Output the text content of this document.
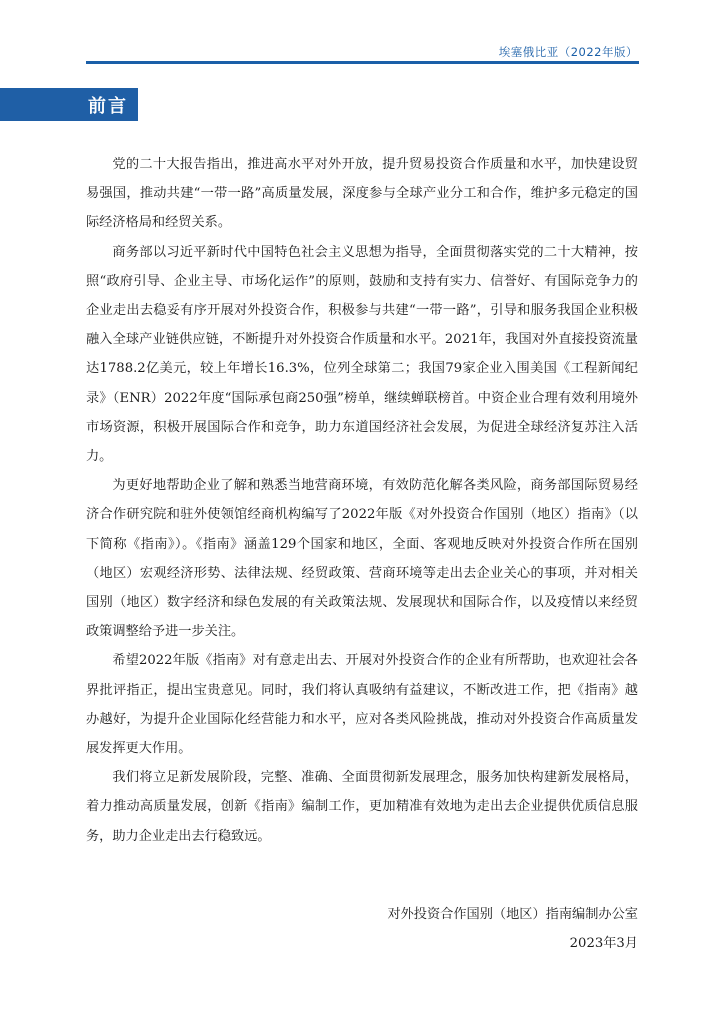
埃塞俄比亚（2022年版）
前言

党的二十大报告指出，推进高水平对外开放，提升贸易投资合作质量和水平，加快建设贸易强国，推动共建“一带一路”高质量发展，深度参与全球产业分工和合作，维护多元稳定的国际经济格局和经贸关系。

商务部以习近平新时代中国特色社会主义思想为指导，全面贯彻落实党的二十大精神，按照“政府引导、企业主导、市场化运作”的原则，鼓励和支持有实力、信誉好、有国际竞争力的企业走出去稳妥有序开展对外投资合作，积极参与共建“一带一路”，引导和服务我国企业积极融入全球产业链供应链，不断提升对外投资合作质量和水平。2021年，我国对外直接投资流量达1788.2亿美元，较上年增长16.3%，位列全球第二；我国79家企业入围美国《工程新闻纪录》（ENR）2022年度“国际承包商250强”榜单，继续蝉联榜首。中资企业合理有效利用境外市场资源，积极开展国际合作和竞争，助力东道国经济社会发展，为促进全球经济复苏注入活力。

为更好地帮助企业了解和熟悉当地营商环境，有效防范化解各类风险，商务部国际贸易经济合作研究院和驻外使领馆经商机构编写了2022年版《对外投资合作国别（地区）指南》（以下简称《指南》）。《指南》涵盖129个国家和地区，全面、客观地反映对外投资合作所在国别（地区）宏观经济形势、法律法规、经贸政策、营商环境等走出去企业关心的事项，并对相关国别（地区）数字经济和绿色发展的有关政策法规、发展现状和国际合作，以及疫情以来经贸政策调整给予进一步关注。

希望2022年版《指南》对有意走出去、开展对外投资合作的企业有所帮助，也欢迎社会各界批评指正，提出宝贵意见。同时，我们将认真吸纳有益建议，不断改进工作，把《指南》越办越好，为提升企业国际化经营能力和水平，应对各类风险挑战，推动对外投资合作高质量发展发挥更大作用。

我们将立足新发展阶段，完整、准确、全面贯彻新发展理念，服务加快构建新发展格局，着力推动高质量发展，创新《指南》编制工作，更加精准有效地为走出去企业提供优质信息服务，助力企业走出去行稳致远。

对外投资合作国别（地区）指南编制办公室
2023年3月
